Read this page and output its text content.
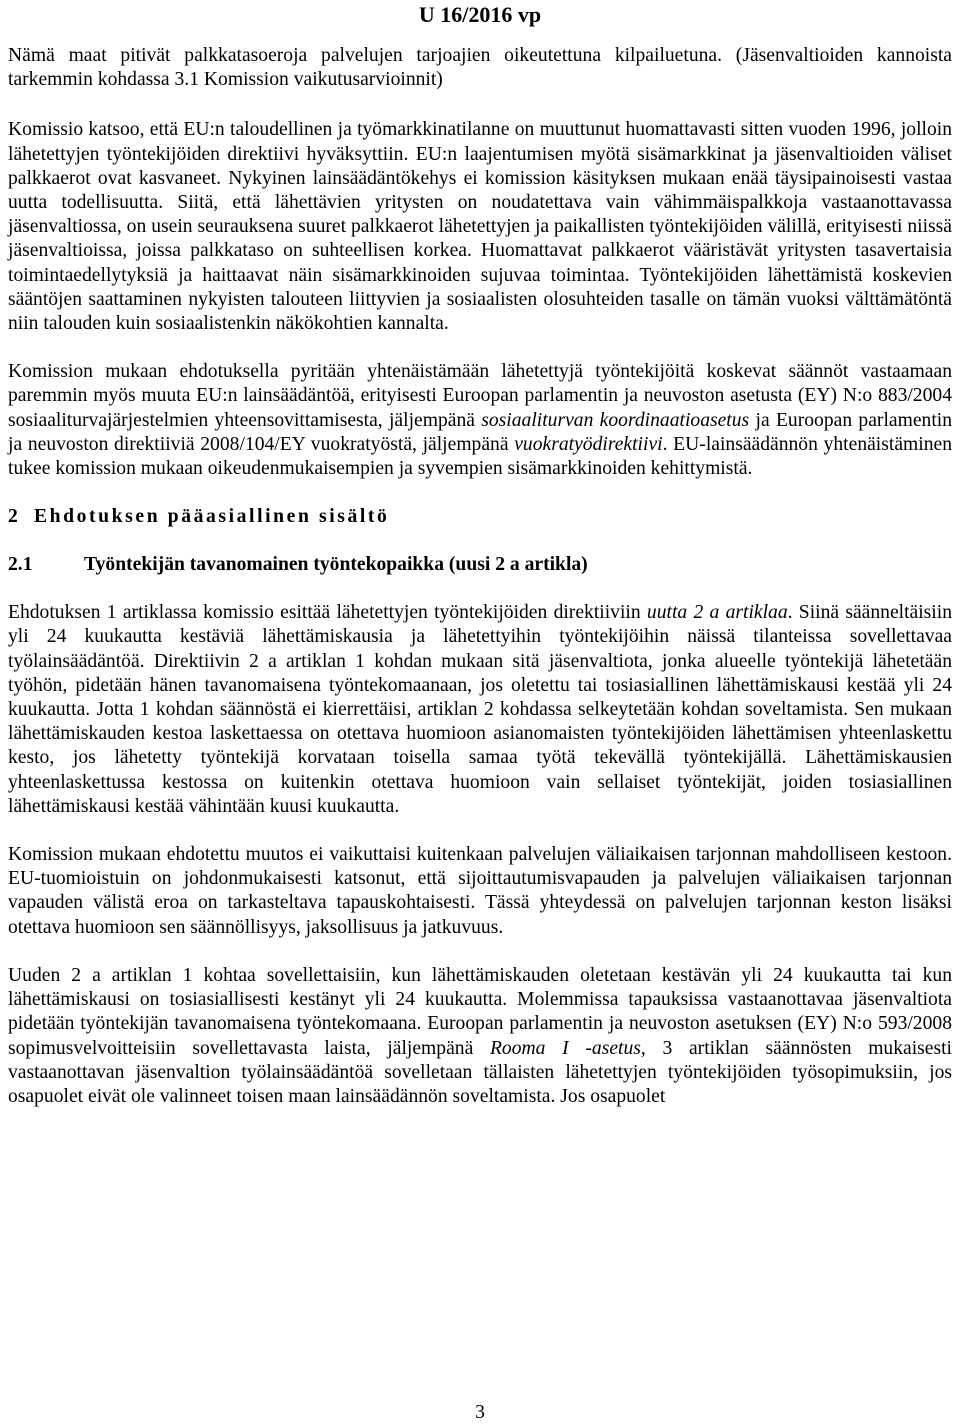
U 16/2016 vp

Nämä maat pitivät palkkatasoeroja palvelujen tarjoajien oikeutettuna kilpailuetuna. (Jäsenvaltioiden kannoista tarkemmin kohdassa 3.1 Komission vaikutusarvioinnit)

Komissio katsoo, että EU:n taloudellinen ja työmarkkinatilanne on muuttunut huomattavasti sitten vuoden 1996, jolloin lähetettyjen työntekijöiden direktiivi hyväksyttiin. EU:n laajentumisen myötä sisämarkkinat ja jäsenvaltioiden väliset palkkaerot ovat kasvaneet. Nykyinen lainsäädäntökehys ei komission käsityksen mukaan enää täysipainoisesti vastaa uutta todellisuutta. Siitä, että lähettävien yritysten on noudatettava vain vähimmäispalkkoja vastaanottavassa jäsenvaltiossa, on usein seurauksena suuret palkkaerot lähetettyjen ja paikallisten työntekijöiden välillä, erityisesti niissä jäsenvaltioissa, joissa palkkataso on suhteellisen korkea. Huomattavat palkkaerot vääristävät yritysten tasavertaisia toimintaedellytyksiä ja haittaavat näin sisämarkkinoiden sujuvaa toimintaa. Työntekijöiden lähettämistä koskevien sääntöjen saattaminen nykyisten talouteen liittyvien ja sosiaalisten olosuhteiden tasalle on tämän vuoksi välttämätöntä niin talouden kuin sosiaalistenkin näkökohtien kannalta.

Komission mukaan ehdotuksella pyritään yhtenäistämään lähetettyjä työntekijöitä koskevat säännöt vastaamaan paremmin myös muuta EU:n lainsäädäntöä, erityisesti Euroopan parlamentin ja neuvoston asetusta (EY) N:o 883/2004 sosiaaliturvajärjestelmien yhteensovittamisesta, jäljempänä sosiaaliturvan koordinaatioasetus ja Euroopan parlamentin ja neuvoston direktiiviä 2008/104/EY vuokratyöstä, jäljempänä vuokratyödirektiivi. EU-lainsäädännön yhtenäistäminen tukee komission mukaan oikeudenmukaisempien ja syvempien sisämarkkinoiden kehittymistä.

2 Ehdotuksen pääasiallinen sisältö

2.1	Työntekijän tavanomainen työntekopaikka (uusi 2 a artikla)

Ehdotuksen 1 artiklassa komissio esittää lähetettyjen työntekijöiden direktiiviin uutta 2 a artiklaa. Siinä säänneltäisiin yli 24 kuukautta kestäviä lähettämiskausia ja lähetettyihin työntekijöihin näissä tilanteissa sovellettavaa työlainsäädäntöä. Direktiivin 2 a artiklan 1 kohdan mukaan sitä jäsenvaltiota, jonka alueelle työntekijä lähetetään työhön, pidetään hänen tavanomaisena työntekomaanaan, jos oletettu tai tosiasiallinen lähettämiskausi kestää yli 24 kuukautta. Jotta 1 kohdan säännöstä ei kierrettäisi, artiklan 2 kohdassa selkeytetään kohdan soveltamista. Sen mukaan lähettämiskauden kestoa laskettaessa on otettava huomioon asianomaisten työntekijöiden lähettämisen yhteenlaskettu kesto, jos lähetetty työntekijä korvataan toisella samaa työtä tekevällä työntekijällä. Lähettämiskausien yhteenlaskettussa kestossa on kuitenkin otettava huomioon vain sellaiset työntekijät, joiden tosiasiallinen lähettämiskausi kestää vähintään kuusi kuukautta.

Komission mukaan ehdotettu muutos ei vaikuttaisi kuitenkaan palvelujen väliaikaisen tarjonnan mahdolliseen kestoon. EU-tuomioistuin on johdonmukaisesti katsonut, että sijoittautumisvapauden ja palvelujen väliaikaisen tarjonnan vapauden välistä eroa on tarkasteltava tapauskohtaisesti. Tässä yhteydessä on palvelujen tarjonnan keston lisäksi otettava huomioon sen säännöllisyys, jaksollisuus ja jatkuvuus.

Uuden 2 a artiklan 1 kohtaa sovellettaisiin, kun lähettämiskauden oletetaan kestävän yli 24 kuukautta tai kun lähettämiskausi on tosiasiallisesti kestänyt yli 24 kuukautta. Molemmissa tapauksissa vastaanottavaa jäsenvaltiota pidetään työntekijän tavanomaisena työntekomaana. Euroopan parlamentin ja neuvoston asetuksen (EY) N:o 593/2008 sopimusvelvoitteisiin sovellettavasta laista, jäljempänä Rooma I -asetus, 3 artiklan säännösten mukaisesti vastaanottavan jäsenvaltion työlainsäädäntöä sovelletaan tällaisten lähetettyjen työntekijöiden työsopimuksiin, jos osapuolet eivät ole valinneet toisen maan lainsäädännön soveltamista. Jos osapuolet

3
